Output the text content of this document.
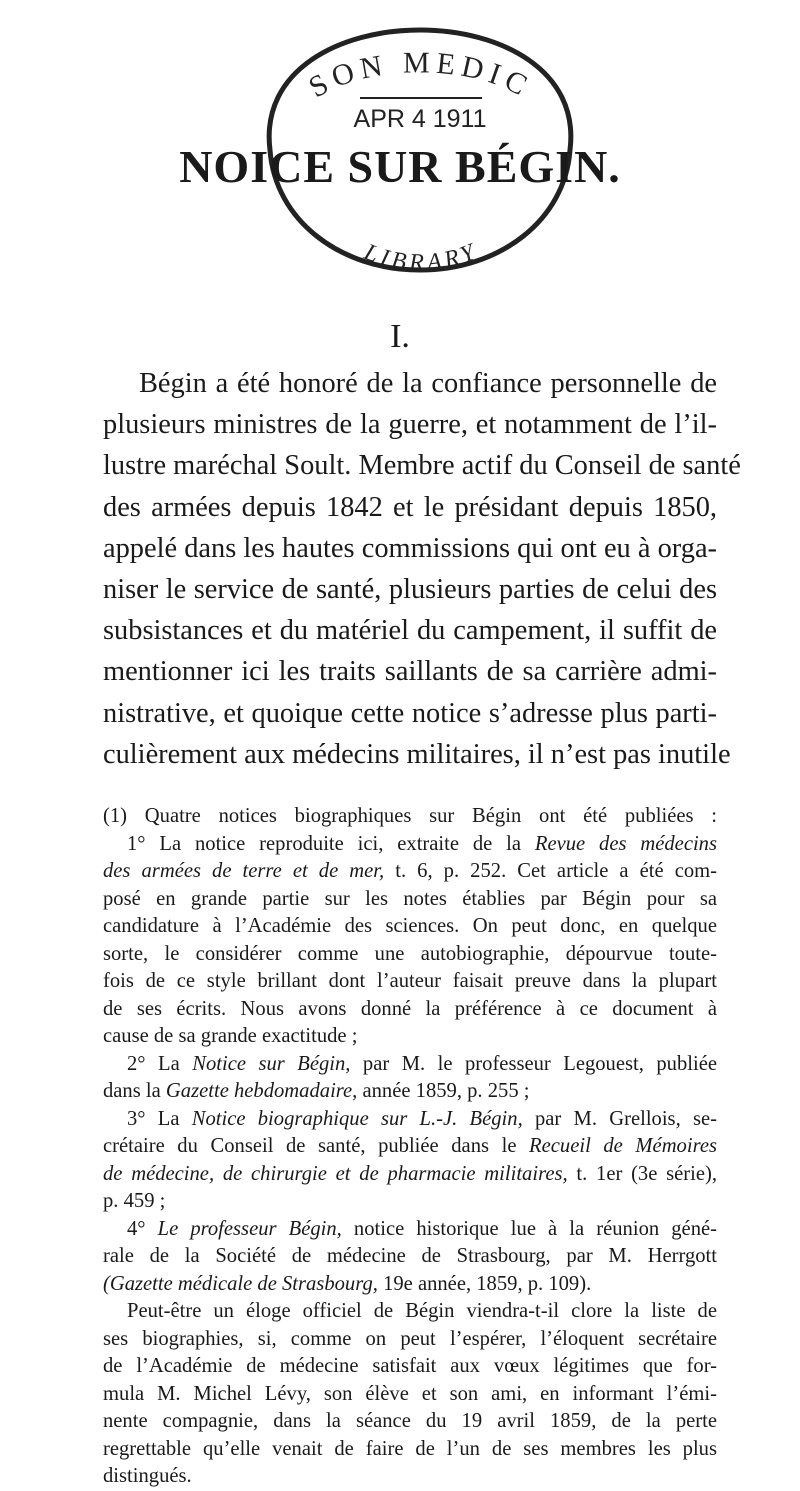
SON MEDIC
APR 4 1911
LIBRARY
NOICE SUR BÉGIN.
I.
Bégin a été honoré de la confiance personnelle de
plusieurs ministres de la guerre, et notamment de l’il-
lustre maréchal Soult. Membre actif du Conseil de santé
des armées depuis 1842 et le présidant depuis 1850,
appelé dans les hautes commissions qui ont eu à orga-
niser le service de santé, plusieurs parties de celui des
subsistances et du matériel du campement, il suffit de
mentionner ici les traits saillants de sa carrière admi-
nistrative, et quoique cette notice s’adresse plus parti-
culièrement aux médecins militaires, il n’est pas inutile
(1) Quatre notices biographiques sur Bégin ont été publiées :
1° La notice reproduite ici, extraite de la Revue des médecins
des armées de terre et de mer, t. 6, p. 252. Cet article a été com-
posé en grande partie sur les notes établies par Bégin pour sa
candidature à l’Académie des sciences. On peut donc, en quelque
sorte, le considérer comme une autobiographie, dépourvue toute-
fois de ce style brillant dont l’auteur faisait preuve dans la plupart
de ses écrits. Nous avons donné la préférence à ce document à
cause de sa grande exactitude ;
2° La Notice sur Bégin, par M. le professeur Legouest, publiée
dans la Gazette hebdomadaire, année 1859, p. 255 ;
3° La Notice biographique sur L.-J. Bégin, par M. Grellois, se-
crétaire du Conseil de santé, publiée dans le Recueil de Mémoires
de médecine, de chirurgie et de pharmacie militaires, t. 1er (3e série),
p. 459 ;
4° Le professeur Bégin, notice historique lue à la réunion géné-
rale de la Société de médecine de Strasbourg, par M. Herrgott
(Gazette médicale de Strasbourg, 19e année, 1859, p. 109).
Peut-être un éloge officiel de Bégin viendra-t-il clore la liste de
ses biographies, si, comme on peut l’espérer, l’éloquent secrétaire
de l’Académie de médecine satisfait aux vœux légitimes que for-
mula M. Michel Lévy, son élève et son ami, en informant l’émi-
nente compagnie, dans la séance du 19 avril 1859, de la perte
regrettable qu’elle venait de faire de l’un de ses membres les plus
distingués.
